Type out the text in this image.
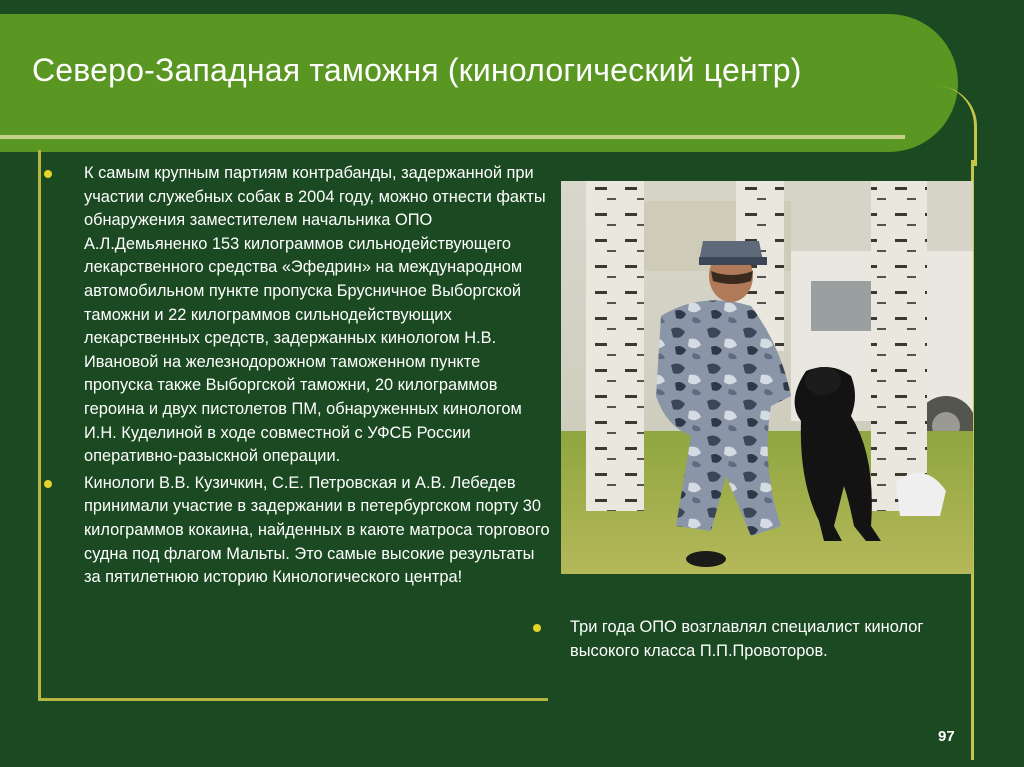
Северо-Западная таможня (кинологический центр)
К самым крупным партиям контрабанды, задержанной при участии служебных собак в 2004 году, можно отнести факты обнаружения заместителем начальника ОПО А.Л.Демьяненко 153 килограммов сильнодействующего лекарственного средства «Эфедрин» на международном автомобильном пункте пропуска Брусничное Выборгской таможни и 22 килограммов сильнодействующих лекарственных средств, задержанных кинологом Н.В. Ивановой на железнодорожном таможенном пункте пропуска также Выборгской таможни, 20 килограммов героина и двух пистолетов ПМ, обнаруженных кинологом И.Н. Куделиной в ходе совместной с УФСБ России оперативно-разыскной операции.
Кинологи В.В. Кузичкин, С.Е. Петровская и А.В. Лебедев принимали участие в задержании в петербургском порту 30 килограммов кокаина, найденных в каюте матроса торгового судна под флагом Мальты. Это самые высокие результаты за пятилетнюю историю Кинологического центра!
Три года ОПО возглавлял специалист кинолог высокого класса П.П.Провоторов.
97
